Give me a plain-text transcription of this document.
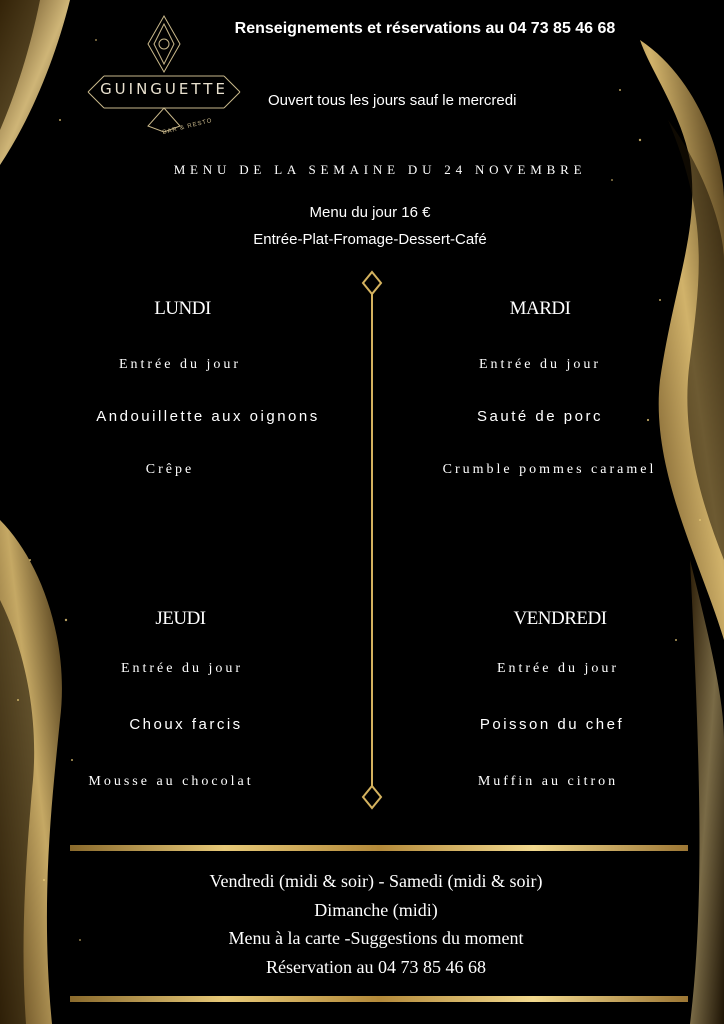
Renseignements et réservations au 04 73 85 46 68
GUINGUETTE
BAR & RESTO
Ouvert tous les jours sauf le mercredi
MENU DE LA SEMAINE DU 24 NOVEMBRE
Menu du jour 16 €
Entrée-Plat-Fromage-Dessert-Café
LUNDI
Entrée du jour
Andouillette aux oignons
Crêpe
MARDI
Entrée du jour
Sauté de porc
Crumble pommes caramel
JEUDI
Entrée du jour
Choux farcis
Mousse au chocolat
VENDREDI
Entrée du jour
Poisson du chef
Muffin au citron
Vendredi (midi & soir) - Samedi (midi & soir)
Dimanche (midi)
Menu à la carte -Suggestions du moment
Réservation au 04 73 85 46 68
